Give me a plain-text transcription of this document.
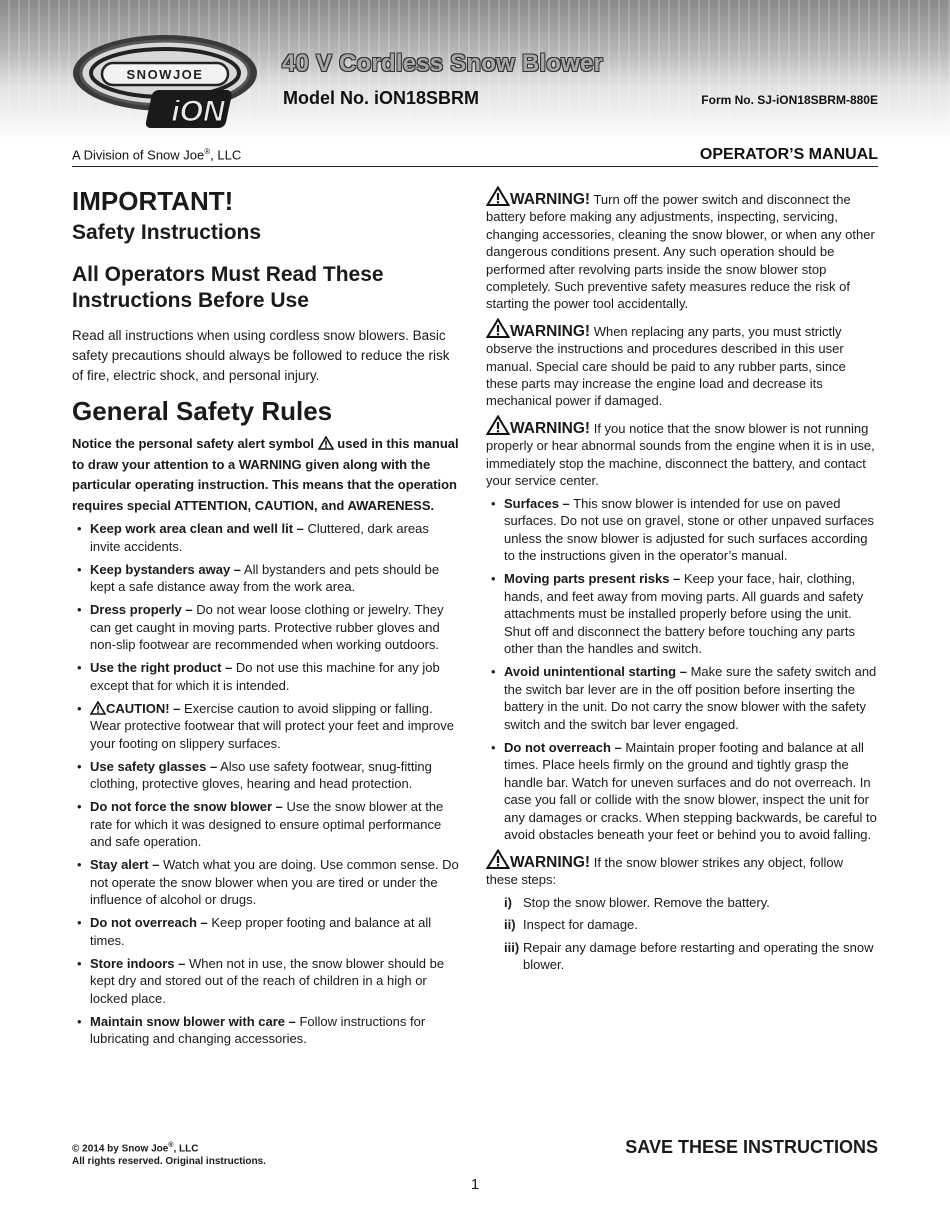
SNOWJOE
iON
40 V Cordless Snow Blower
Model No. iON18SBRM	Form No. SJ-iON18SBRM-880E
A Division of Snow Joe®, LLC	OPERATOR’S MANUAL
IMPORTANT!
Safety Instructions
All Operators Must Read These Instructions Before Use

Read all instructions when using cordless snow blowers. Basic safety precautions should always be followed to reduce the risk of fire, electric shock, and personal injury.

General Safety Rules

Notice the personal safety alert symbol used in this manual to draw your attention to a WARNING given along with the particular operating instruction. This means that the operation requires special ATTENTION, CAUTION, and AWARENESS.

• Keep work area clean and well lit – Cluttered, dark areas invite accidents.
• Keep bystanders away – All bystanders and pets should be kept a safe distance away from the work area.
• Dress properly – Do not wear loose clothing or jewelry. They can get caught in moving parts. Protective rubber gloves and non-slip footwear are recommended when working outdoors.
• Use the right product – Do not use this machine for any job except that for which it is intended.
• CAUTION! – Exercise caution to avoid slipping or falling. Wear protective footwear that will protect your feet and improve your footing on slippery surfaces.
• Use safety glasses – Also use safety footwear, snug-fitting clothing, protective gloves, hearing and head protection.
• Do not force the snow blower – Use the snow blower at the rate for which it was designed to ensure optimal performance and safe operation.
• Stay alert – Watch what you are doing. Use common sense. Do not operate the snow blower when you are tired or under the influence of alcohol or drugs.
• Do not overreach – Keep proper footing and balance at all times.
• Store indoors – When not in use, the snow blower should be kept dry and stored out of the reach of children in a high or locked place.
• Maintain snow blower with care – Follow instructions for lubricating and changing accessories.

WARNING! Turn off the power switch and disconnect the battery before making any adjustments, inspecting, servicing, changing accessories, cleaning the snow blower, or when any other dangerous conditions present. Any such operation should be performed after revolving parts inside the snow blower stop completely. Such preventive safety measures reduce the risk of starting the power tool accidentally.

WARNING! When replacing any parts, you must strictly observe the instructions and procedures described in this user manual. Special care should be paid to any rubber parts, since these parts may increase the engine load and decrease its mechanical power if damaged.

WARNING! If you notice that the snow blower is not running properly or hear abnormal sounds from the engine when it is in use, immediately stop the machine, disconnect the battery, and contact your service center.

• Surfaces – This snow blower is intended for use on paved surfaces. Do not use on gravel, stone or other unpaved surfaces unless the snow blower is adjusted for such surfaces according to the instructions given in the operator’s manual.
• Moving parts present risks – Keep your face, hair, clothing, hands, and feet away from moving parts. All guards and safety attachments must be installed properly before using the unit. Shut off and disconnect the battery before touching any parts other than the handles and switch.
• Avoid unintentional starting – Make sure the safety switch and the switch bar lever are in the off position before inserting the battery in the unit. Do not carry the snow blower with the safety switch and the switch bar lever engaged.
• Do not overreach – Maintain proper footing and balance at all times. Place heels firmly on the ground and tightly grasp the handle bar. Watch for uneven surfaces and do not overreach. In case you fall or collide with the snow blower, inspect the unit for any damages or cracks. When stepping backwards, be careful to avoid obstacles beneath your feet or behind you to avoid falling.

WARNING! If the snow blower strikes any object, follow these steps:

i) Stop the snow blower. Remove the battery.
ii) Inspect for damage.
iii) Repair any damage before restarting and operating the snow blower.
© 2014 by Snow Joe®, LLC
All rights reserved. Original instructions.
SAVE THESE INSTRUCTIONS
1
